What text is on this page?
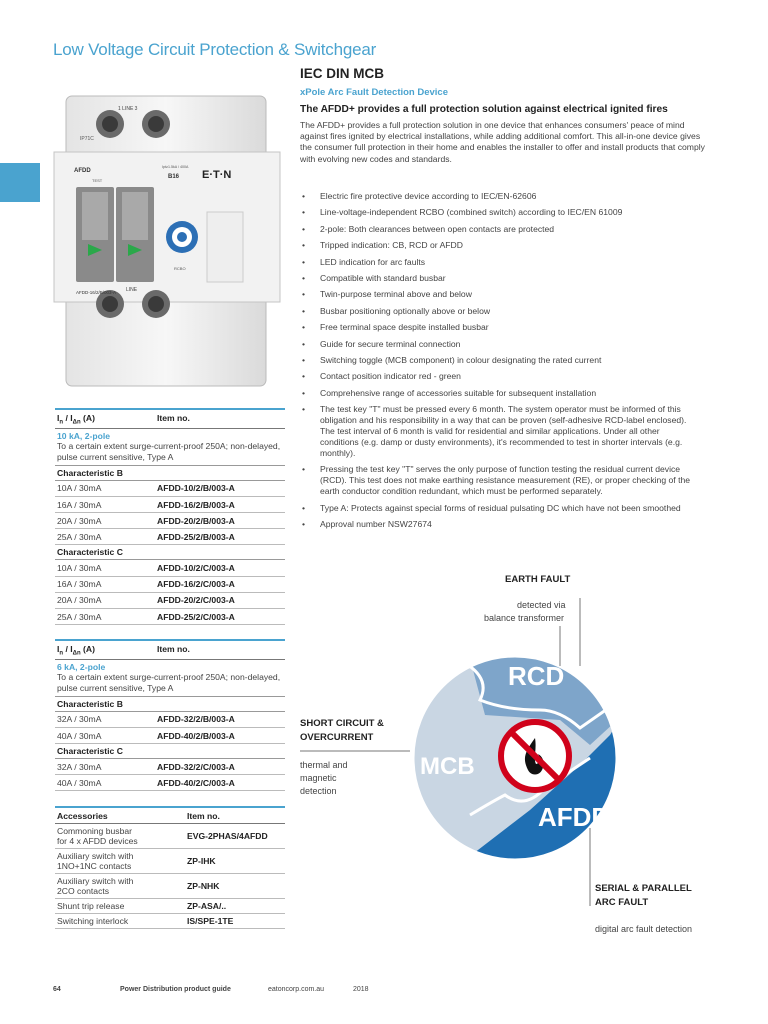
Low Voltage Circuit Protection & Switchgear
1 LINE 3
LINE
AFDD
TEST
B16
Ipt≥1.5kA / 400A
E·T·N
IP71C
AFDD-16/2/B/003-A
RCBO
IEC DIN MCB
xPole Arc Fault Detection Device
The AFDD+ provides a full protection solution against electrical ignited fires
The AFDD+ provides a full protection solution in one device that enhances consumers' peace of mind against fires ignited by electrical installations, while adding additional comfort. This all-in-one device gives the consumer full protection in their home and enables the installer to offer and install products that comply with evolving new codes and standards.
• Electric fire protective device according to IEC/EN-62606
• Line-voltage-independent RCBO (combined switch) according to IEC/EN 61009
• 2-pole: Both clearances between open contacts are protected
• Tripped indication: CB, RCD or AFDD
• LED indication for arc faults
• Compatible with standard busbar
• Twin-purpose terminal above and below
• Busbar positioning optionally above or below
• Free terminal space despite installed busbar
• Guide for secure terminal connection
• Switching toggle (MCB component) in colour designating the rated current
• Contact position indicator red - green
• Comprehensive range of accessories suitable for subsequent installation
• The test key "T" must be pressed every 6 month. The system operator must be informed of this obligation and his responsibility in a way that can be proven (self-adhesive RCD-label enclosed). The test interval of 6 month is valid for residential and similar applications. Under all other conditions (e.g. damp or dusty environments), it's recommended to test in shorter intervals (e.g. monthly).
• Pressing the test key "T" serves the only purpose of function testing the residual current device (RCD). This test does not make earthing resistance measurement (RE), or proper checking of the earth conductor condition redundant, which must be performed separately.
• Type A: Protects against special forms of residual pulsating DC which have not been smoothed
• Approval number NSW27674
$I_n / I_{\Delta n}$ (A)	Item no.
10 kA, 2-pole
To a certain extent surge-current-proof 250A; non-delayed, pulse current sensitive, Type A
Characteristic B
10A / 30mA	AFDD-10/2/B/003-A
16A / 30mA	AFDD-16/2/B/003-A
20A / 30mA	AFDD-20/2/B/003-A
25A / 30mA	AFDD-25/2/B/003-A
Characteristic C
10A / 30mA	AFDD-10/2/C/003-A
16A / 30mA	AFDD-16/2/C/003-A
20A / 30mA	AFDD-20/2/C/003-A
25A / 30mA	AFDD-25/2/C/003-A
$I_n / I_{\Delta n}$ (A)	Item no.
6 kA, 2-pole
To a certain extent surge-current-proof 250A; non-delayed, pulse current sensitive, Type A
Characteristic B
32A / 30mA	AFDD-32/2/B/003-A
40A / 30mA	AFDD-40/2/B/003-A
Characteristic C
32A / 30mA	AFDD-32/2/C/003-A
40A / 30mA	AFDD-40/2/C/003-A
Accessories	Item no.
Commoning busbar
for 4 x AFDD devices	EVG-2PHAS/4AFDD
Auxiliary switch with
1NO+1NC contacts	ZP-IHK
Auxiliary switch with
2CO contacts	ZP-NHK
Shunt trip release	ZP-ASA/..
Switching interlock	IS/SPE-1TE
RCD
MCB
AFDD
EARTH FAULT
detected via
balance transformer
SHORT CIRCUIT &
OVERCURRENT
thermal and
magnetic
detection
SERIAL & PARALLEL
ARC FAULT
digital arc fault detection
64	Power Distribution product guide	eatoncorp.com.au	2018
